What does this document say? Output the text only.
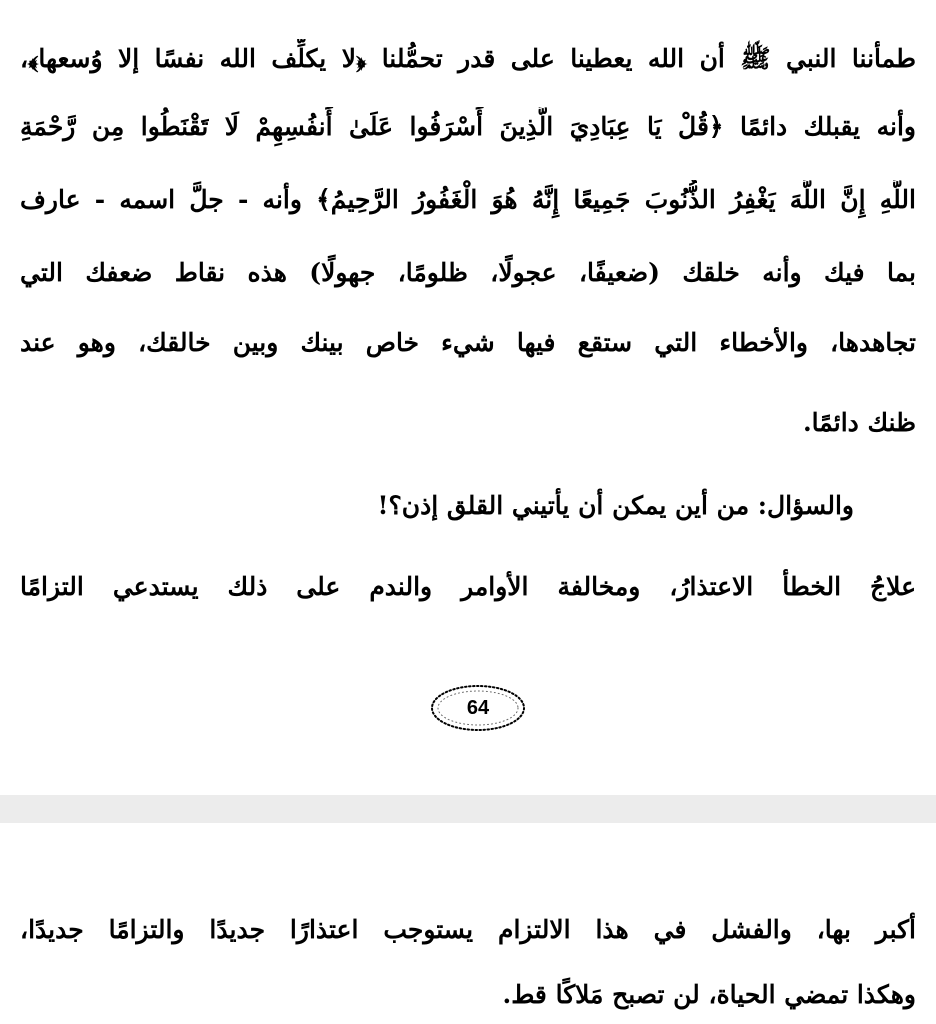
طمأننا النبي ﷺ أن الله يعطينا على قدر تحمُّلنا ﴿لا يكلِّف الله نفسًا إلا وُسعها﴾،
وأنه يقبلك دائمًا ﴿قُلْ يَا عِبَادِيَ الَّذِينَ أَسْرَفُوا عَلَىٰ أَنفُسِهِمْ لَا تَقْنَطُوا مِن رَّحْمَةِ
اللَّهِ إِنَّ اللَّهَ يَغْفِرُ الذُّنُوبَ جَمِيعًا إِنَّهُ هُوَ الْغَفُورُ الرَّحِيمُ﴾ وأنه - جلَّ اسمه - عارف
بما فيك وأنه خلقك (ضعيفًا، عجولًا، ظلومًا، جهولًا) هذه نقاط ضعفك التي
تجاهدها، والأخطاء التي ستقع فيها شيء خاص بينك وبين خالقك، وهو عند
ظنك دائمًا.
والسؤال: من أين يمكن أن يأتيني القلق إذن؟!
علاجُ الخطأ الاعتذارُ، ومخالفة الأوامر والندم على ذلك يستدعي التزامًا
64
أكبر بها، والفشل في هذا الالتزام يستوجب اعتذارًا جديدًا والتزامًا جديدًا،
وهكذا تمضي الحياة، لن تصبح مَلاكًا قط.
